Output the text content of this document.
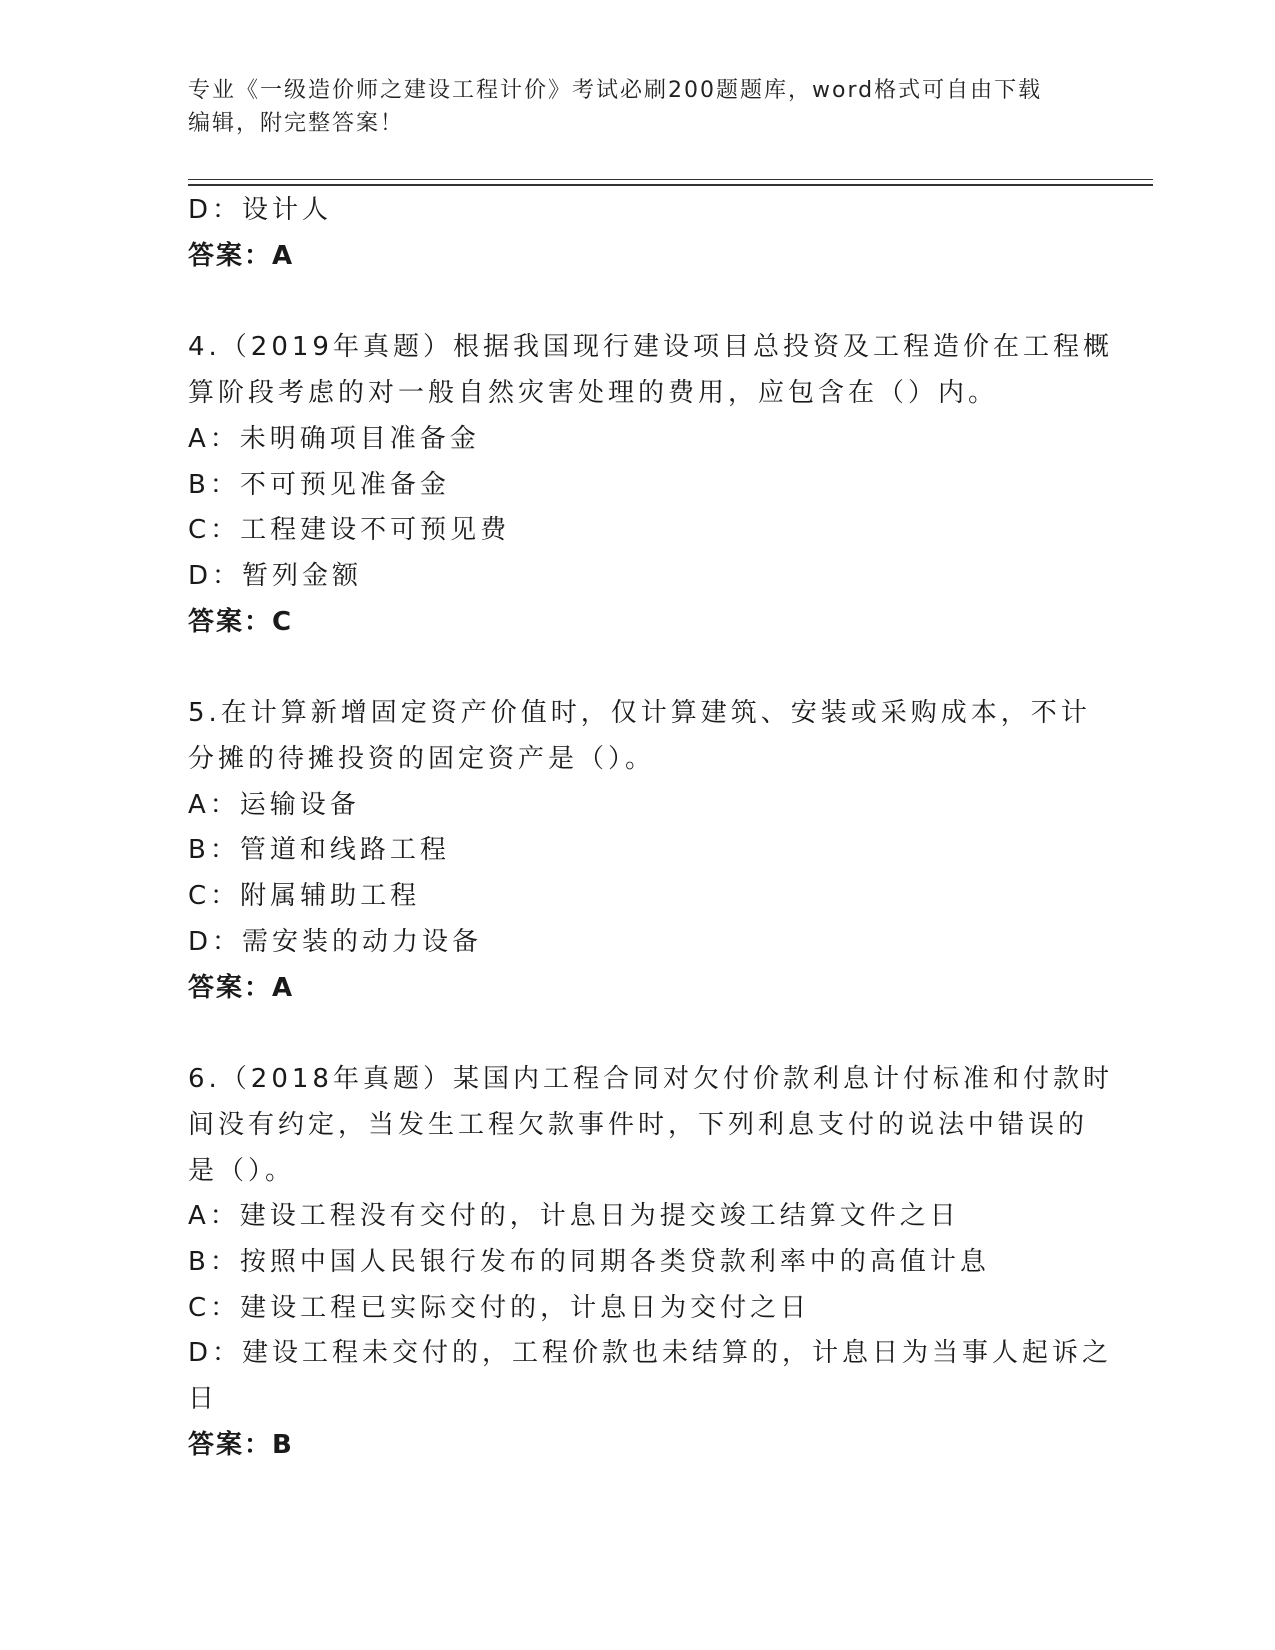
专业《一级造价师之建设工程计价》考试必刷200题题库，word格式可自由下载
编辑，附完整答案！
D：设计人
答案：A
4.（2019年真题）根据我国现行建设项目总投资及工程造价在工程概
算阶段考虑的对一般自然灾害处理的费用，应包含在（）内。
A：未明确项目准备金
B：不可预见准备金
C：工程建设不可预见费
D：暂列金额
答案：C
5.在计算新增固定资产价值时，仅计算建筑、安装或采购成本，不计
分摊的待摊投资的固定资产是（）。
A：运输设备
B：管道和线路工程
C：附属辅助工程
D：需安装的动力设备
答案：A
6.（2018年真题）某国内工程合同对欠付价款利息计付标准和付款时
间没有约定，当发生工程欠款事件时，下列利息支付的说法中错误的
是（）。
A：建设工程没有交付的，计息日为提交竣工结算文件之日
B：按照中国人民银行发布的同期各类贷款利率中的高值计息
C：建设工程已实际交付的，计息日为交付之日
D：建设工程未交付的，工程价款也未结算的，计息日为当事人起诉之
日
答案：B
